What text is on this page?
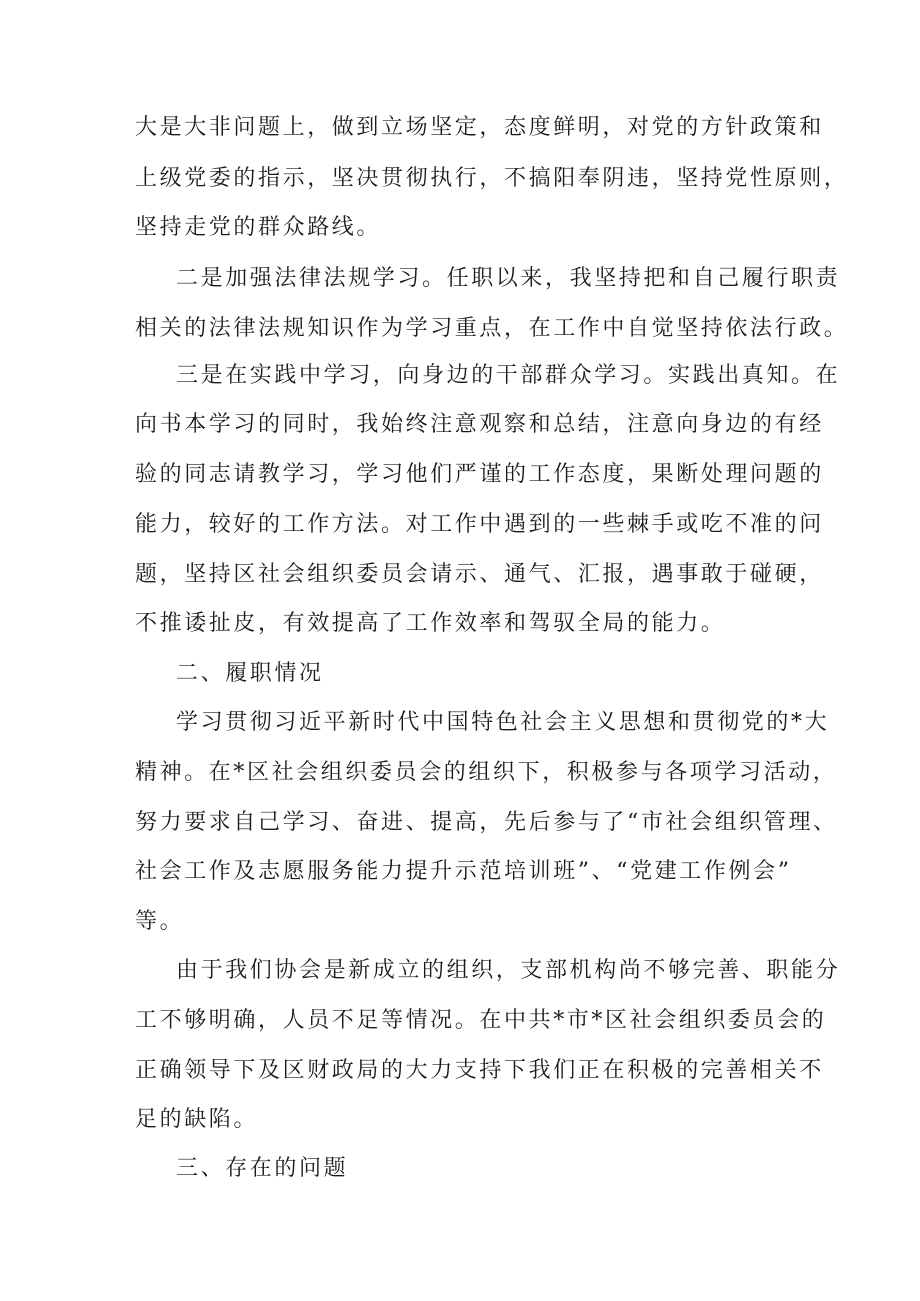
大是大非问题上，做到立场坚定，态度鲜明，对党的方针政策和
上级党委的指示，坚决贯彻执行，不搞阳奉阴违，坚持党性原则，
坚持走党的群众路线。
二是加强法律法规学习。任职以来，我坚持把和自己履行职责
相关的法律法规知识作为学习重点，在工作中自觉坚持依法行政。
三是在实践中学习，向身边的干部群众学习。实践出真知。在
向书本学习的同时，我始终注意观察和总结，注意向身边的有经
验的同志请教学习，学习他们严谨的工作态度，果断处理问题的
能力，较好的工作方法。对工作中遇到的一些棘手或吃不准的问
题，坚持区社会组织委员会请示、通气、汇报，遇事敢于碰硬，
不推诿扯皮，有效提高了工作效率和驾驭全局的能力。
二、履职情况
学习贯彻习近平新时代中国特色社会主义思想和贯彻党的*大
精神。在*区社会组织委员会的组织下，积极参与各项学习活动，
努力要求自己学习、奋进、提高，先后参与了“市社会组织管理、
社会工作及志愿服务能力提升示范培训班”、“党建工作例会”
等。
由于我们协会是新成立的组织，支部机构尚不够完善、职能分
工不够明确，人员不足等情况。在中共*市*区社会组织委员会的
正确领导下及区财政局的大力支持下我们正在积极的完善相关不
足的缺陷。
三、存在的问题
